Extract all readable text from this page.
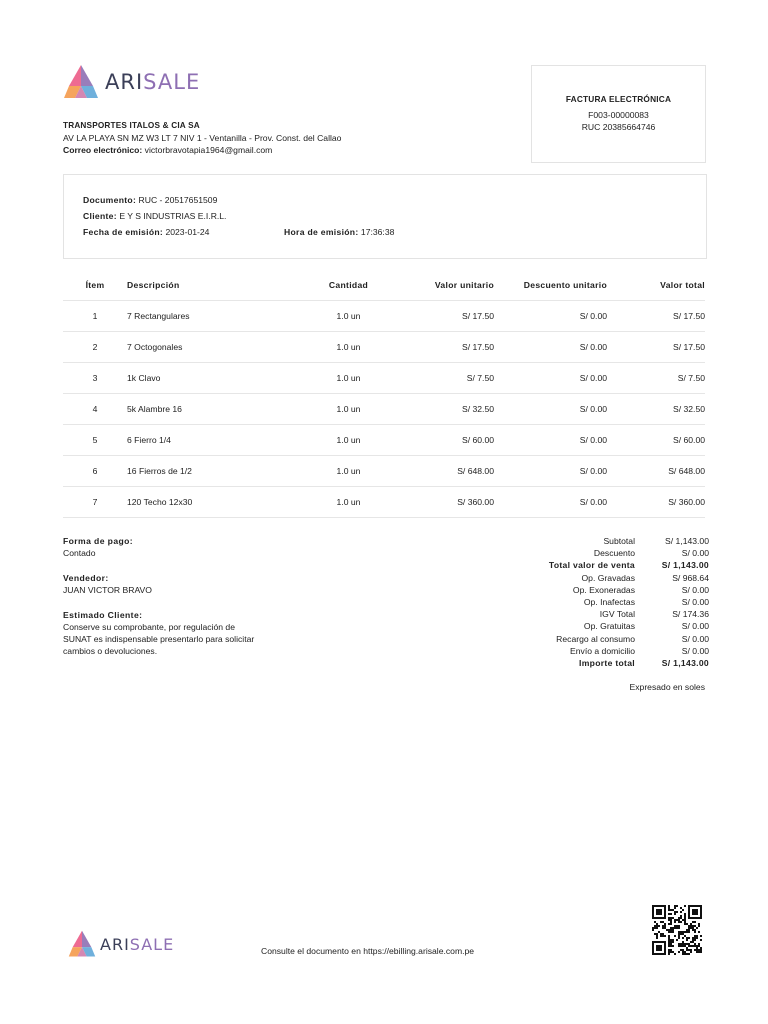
ARISALE
TRANSPORTES ITALOS & CIA SA
AV LA PLAYA SN MZ W3 LT 7 NIV 1 - Ventanilla - Prov. Const. del Callao
Correo electrónico: victorbravotapia1964@gmail.com
FACTURA ELECTRÓNICA
F003-00000083
RUC 20385664746
Documento: RUC - 20517651509
Cliente: E Y S INDUSTRIAS E.I.R.L.
Fecha de emisión: 2023-01-24	Hora de emisión: 17:36:38
Ítem	Descripción	Cantidad	Valor unitario	Descuento unitario	Valor total
1	7 Rectangulares	1.0 un	S/ 17.50	S/ 0.00	S/ 17.50
2	7 Octogonales	1.0 un	S/ 17.50	S/ 0.00	S/ 17.50
3	1k Clavo	1.0 un	S/ 7.50	S/ 0.00	S/ 7.50
4	5k Alambre 16	1.0 un	S/ 32.50	S/ 0.00	S/ 32.50
5	6 Fierro 1/4	1.0 un	S/ 60.00	S/ 0.00	S/ 60.00
6	16 Fierros de 1/2	1.0 un	S/ 648.00	S/ 0.00	S/ 648.00
7	120 Techo 12x30	1.0 un	S/ 360.00	S/ 0.00	S/ 360.00
Forma de pago:
Contado
Vendedor:
JUAN VICTOR BRAVO
Estimado Cliente:
Conserve su comprobante, por regulación de
SUNAT es indispensable presentarlo para solicitar
cambios o devoluciones.
Subtotal	S/ 1,143.00
Descuento	S/ 0.00
Total valor de venta	S/ 1,143.00
Op. Gravadas	S/ 968.64
Op. Exoneradas	S/ 0.00
Op. Inafectas	S/ 0.00
IGV Total	S/ 174.36
Op. Gratuitas	S/ 0.00
Recargo al consumo	S/ 0.00
Envío a domicilio	S/ 0.00
Importe total	S/ 1,143.00
Expresado en soles
ARISALE	Consulte el documento en https://ebilling.arisale.com.pe
